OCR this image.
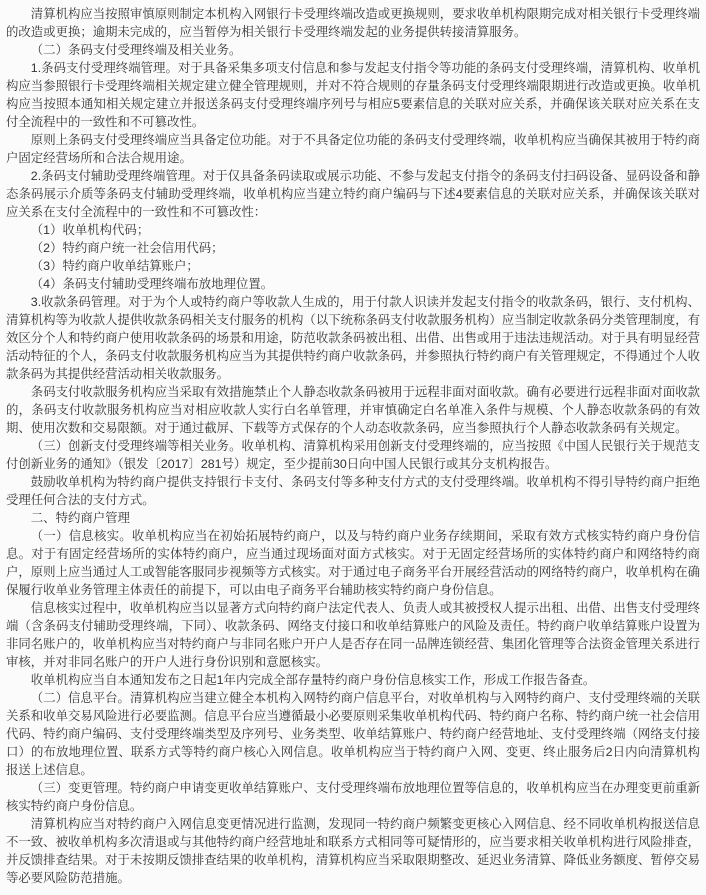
清算机构应当按照审慎原则制定本机构入网银行卡受理终端改造或更换规则，要求收单机构限期完成对相关银行卡受理终端的改造或更换；逾期未完成的，应当暂停为相关银行卡受理终端发起的业务提供转接清算服务。

（二）条码支付受理终端及相关业务。

1.条码支付受理终端管理。对于具备采集多项支付信息和参与发起支付指令等功能的条码支付受理终端，清算机构、收单机构应当参照银行卡受理终端相关规定建立健全管理规则，并对不符合规则的存量条码支付受理终端限期进行改造或更换。收单机构应当按照本通知相关规定建立并报送条码支付受理终端序列号与相应5要素信息的关联对应关系，并确保该关联对应关系在支付全流程中的一致性和不可篡改性。

原则上条码支付受理终端应当具备定位功能。对于不具备定位功能的条码支付受理终端，收单机构应当确保其被用于特约商户固定经营场所和合法合规用途。

2.条码支付辅助受理终端管理。对于仅具备条码读取或展示功能、不参与发起支付指令的条码支付扫码设备、显码设备和静态条码展示介质等条码支付辅助受理终端，收单机构应当建立特约商户编码与下述4要素信息的关联对应关系，并确保该关联对应关系在支付全流程中的一致性和不可篡改性：

（1）收单机构代码；

（2）特约商户统一社会信用代码；

（3）特约商户收单结算账户；

（4）条码支付辅助受理终端布放地理位置。

3.收款条码管理。对于为个人或特约商户等收款人生成的，用于付款人识读并发起支付指令的收款条码，银行、支付机构、清算机构等为收款人提供收款条码相关支付服务的机构（以下统称条码支付收款服务机构）应当制定收款条码分类管理制度，有效区分个人和特约商户使用收款条码的场景和用途，防范收款条码被出租、出借、出售或用于违法违规活动。对于具有明显经营活动特征的个人，条码支付收款服务机构应当为其提供特约商户收款条码，并参照执行特约商户有关管理规定，不得通过个人收款条码为其提供经营活动相关收款服务。

条码支付收款服务机构应当采取有效措施禁止个人静态收款条码被用于远程非面对面收款。确有必要进行远程非面对面收款的，条码支付收款服务机构应当对相应收款人实行白名单管理，并审慎确定白名单准入条件与规模、个人静态收款条码的有效期、使用次数和交易限额。对于通过截屏、下载等方式保存的个人动态收款条码，应当参照执行个人静态收款条码有关规定。

（三）创新支付受理终端等相关业务。收单机构、清算机构采用创新支付受理终端的，应当按照《中国人民银行关于规范支付创新业务的通知》（银发〔2017〕281号）规定，至少提前30日向中国人民银行或其分支机构报告。

鼓励收单机构为特约商户提供支持银行卡支付、条码支付等多种支付方式的支付受理终端。收单机构不得引导特约商户拒绝受理任何合法的支付方式。

二、特约商户管理

（一）信息核实。收单机构应当在初始拓展特约商户，以及与特约商户业务存续期间，采取有效方式核实特约商户身份信息。对于有固定经营场所的实体特约商户，应当通过现场面对面方式核实。对于无固定经营场所的实体特约商户和网络特约商户，原则上应当通过人工或智能客服同步视频等方式核实。对于通过电子商务平台开展经营活动的网络特约商户，收单机构在确保履行收单业务管理主体责任的前提下，可以由电子商务平台辅助核实特约商户身份信息。

信息核实过程中，收单机构应当以显著方式向特约商户法定代表人、负责人或其被授权人提示出租、出借、出售支付受理终端（含条码支付辅助受理终端，下同）、收款条码、网络支付接口和收单结算账户的风险及责任。特约商户收单结算账户设置为非同名账户的，收单机构应当对特约商户与非同名账户开户人是否存在同一品牌连锁经营、集团化管理等合法资金管理关系进行审核，并对非同名账户的开户人进行身份识别和意愿核实。

收单机构应当自本通知发布之日起1年内完成全部存量特约商户身份信息核实工作，形成工作报告备查。

（二）信息平台。清算机构应当建立健全本机构入网特约商户信息平台，对收单机构与入网特约商户、支付受理终端的关联关系和收单交易风险进行必要监测。信息平台应当遵循最小必要原则采集收单机构代码、特约商户名称、特约商户统一社会信用代码、特约商户编码、支付受理终端类型及序列号、业务类型、收单结算账户、特约商户经营地址、支付受理终端（网络支付接口）的布放地理位置、联系方式等特约商户核心入网信息。收单机构应当于特约商户入网、变更、终止服务后2日内向清算机构报送上述信息。

（三）变更管理。特约商户申请变更收单结算账户、支付受理终端布放地理位置等信息的，收单机构应当在办理变更前重新核实特约商户身份信息。

清算机构应当对特约商户入网信息变更情况进行监测，发现同一特约商户频繁变更核心入网信息、经不同收单机构报送信息不一致、被收单机构多次清退或与其他特约商户经营地址和联系方式相同等可疑情形的，应当要求相关收单机构进行风险排查，并反馈排查结果。对于未按期反馈排查结果的收单机构，清算机构应当采取限期整改、延迟业务清算、降低业务额度、暂停交易等必要风险防范措施。
